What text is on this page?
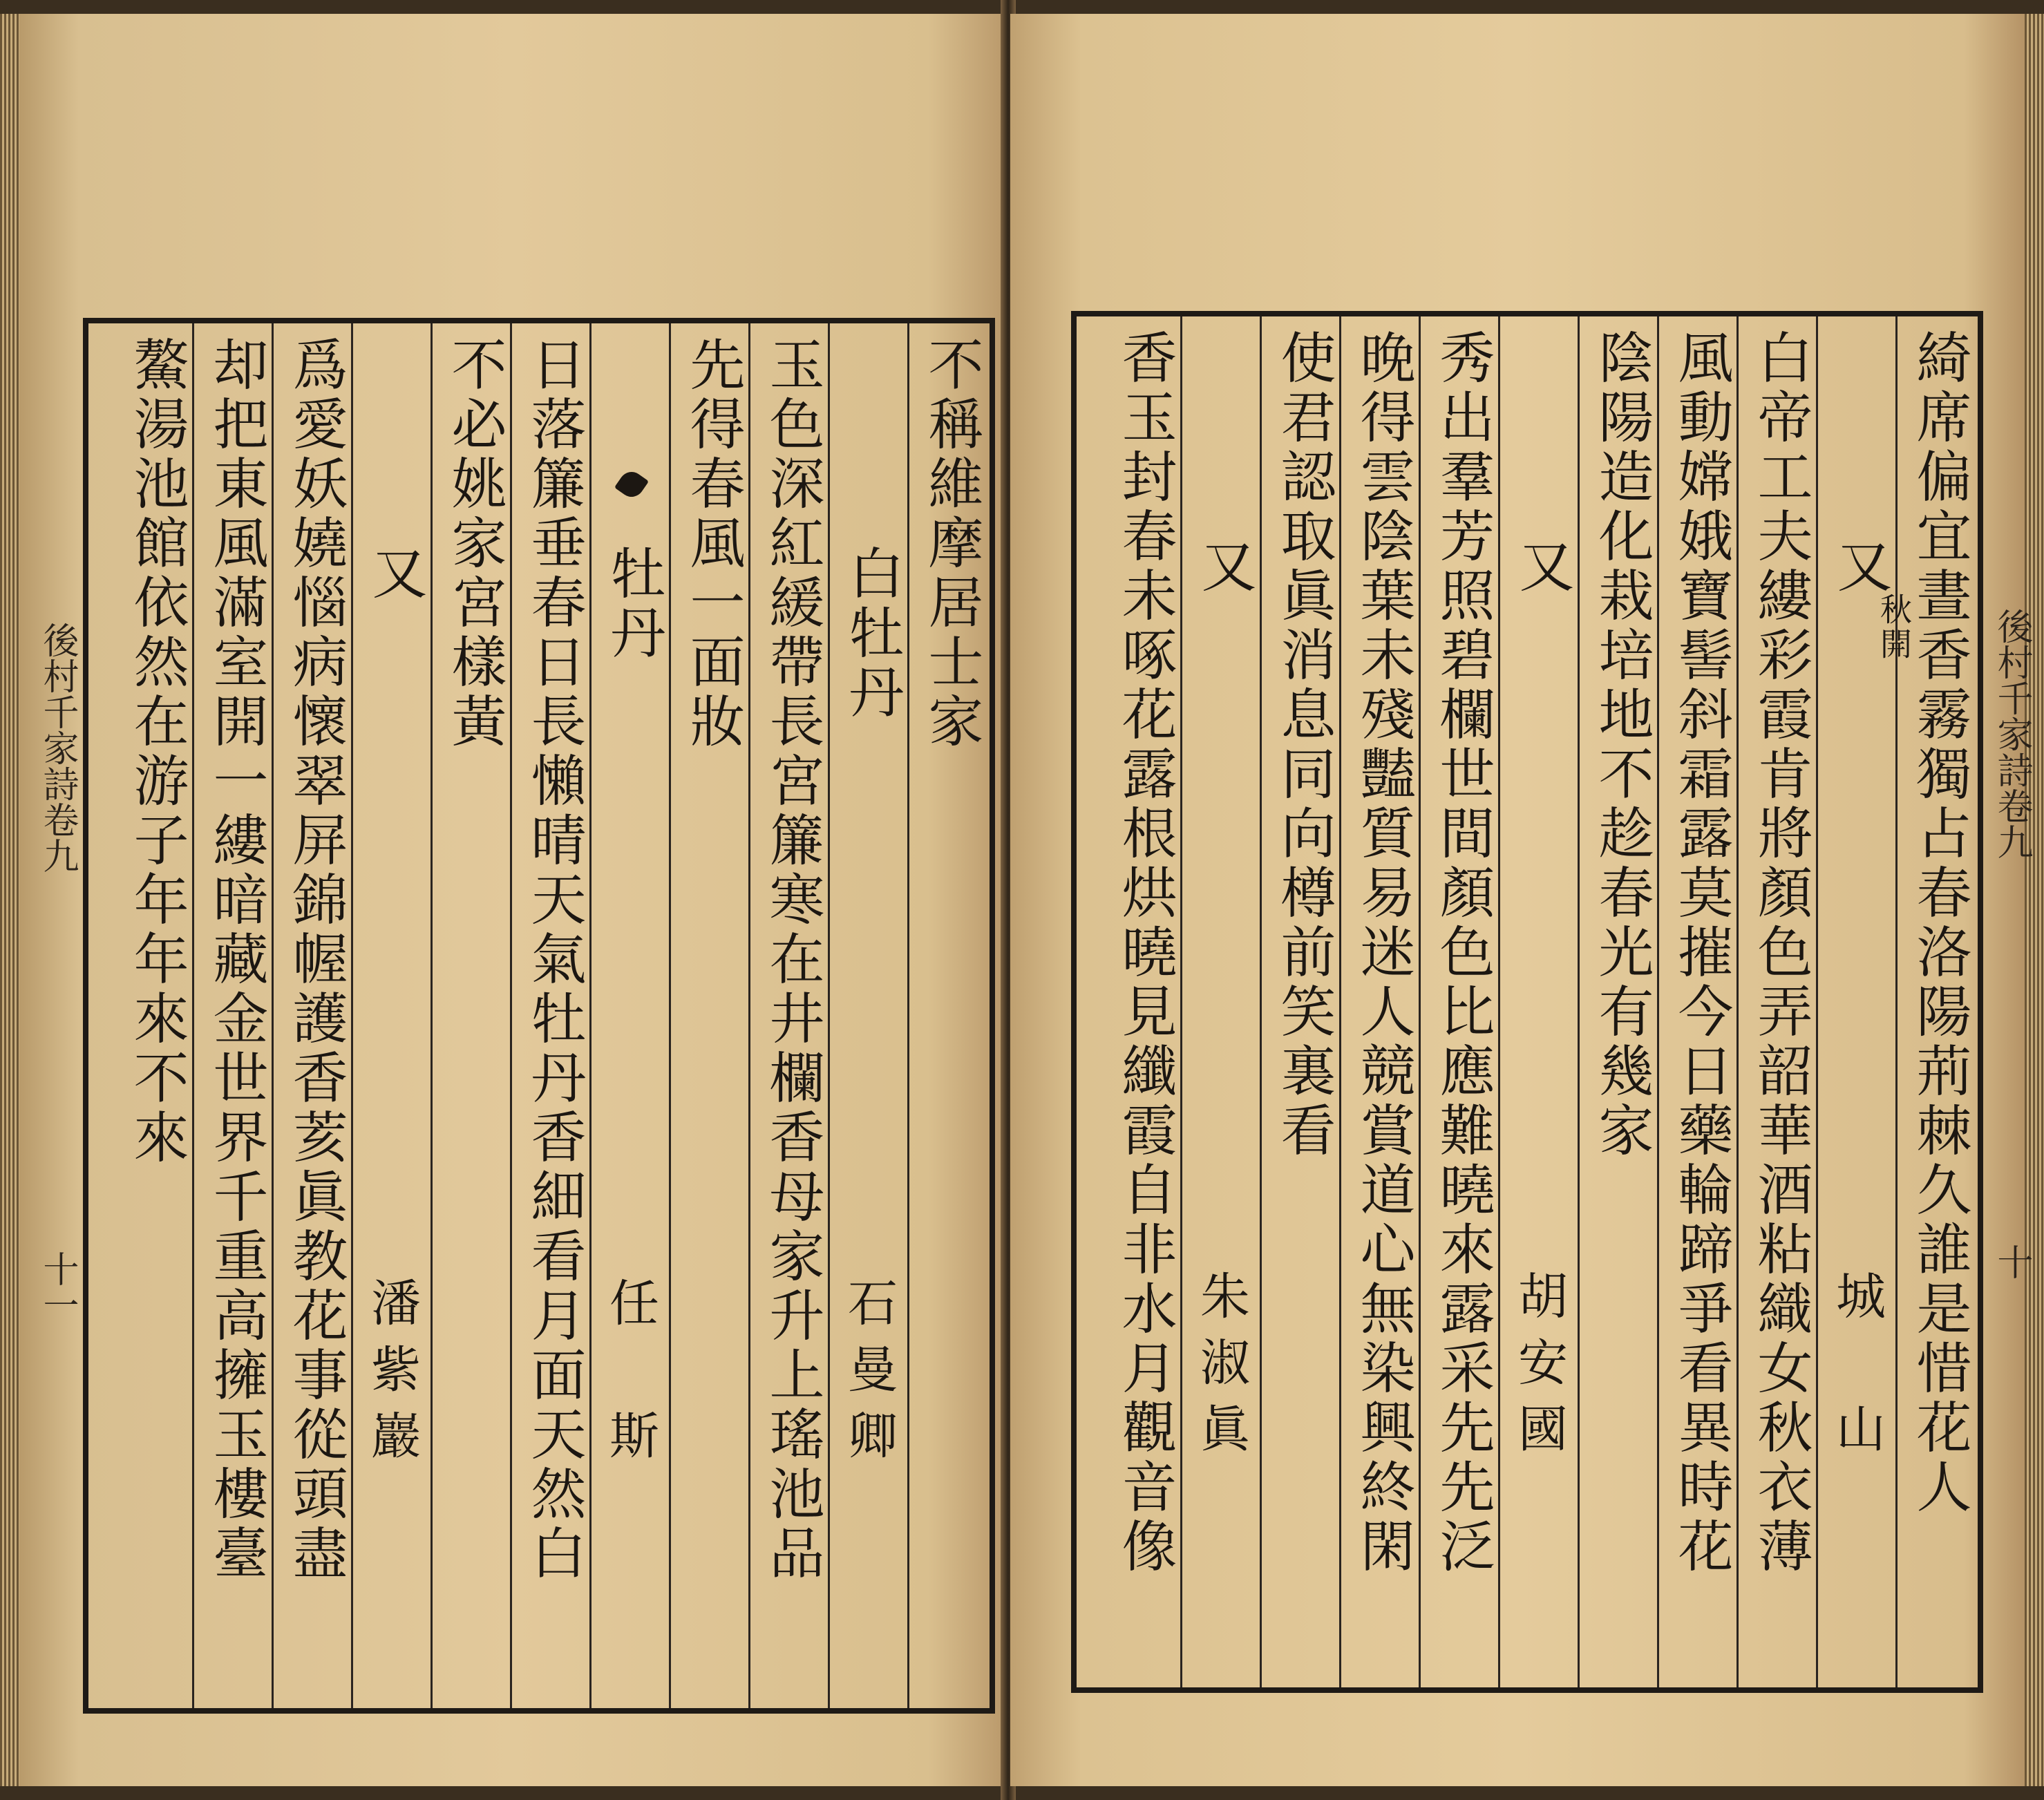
後村千家詩卷九
十一
不稱維摩居士家
白牡丹
石曼卿
玉色深紅緩帶長宮簾寒在井欄香母家升上瑤池品
先得春風一面妝
牡丹
任　斯
日落簾垂春日長懶晴天氣牡丹香細看月面天然白
不必姚家宮樣黃
又
潘紫巖
爲愛妖嬈惱病懷翠屏錦幄護香荄眞教花事從頭盡
却把東風滿室開一縷暗藏金世界千重高擁玉樓臺
鰲湯池館依然在游子年年來不來	綺席偏宜晝香霧獨占春洛陽荊棘久誰是惜花人
又
秋開
城　山
白帝工夫縷彩霞肯將顏色弄韶華酒粘織女秋衣薄
風動嫦娥寶髻斜霜露莫摧今日藥輪蹄爭看異時花
陰陽造化栽培地不趁春光有幾家
又
胡安國
秀出羣芳照碧欄世間顏色比應難曉來露采先先泛
晚得雲陰葉未殘豔質易迷人競賞道心無染興終閑
使君認取眞消息同向樽前笑裏看
又
朱淑眞
香玉封春未啄花露根烘曉見纖霞自非水月觀音像	後村千家詩卷九
十
